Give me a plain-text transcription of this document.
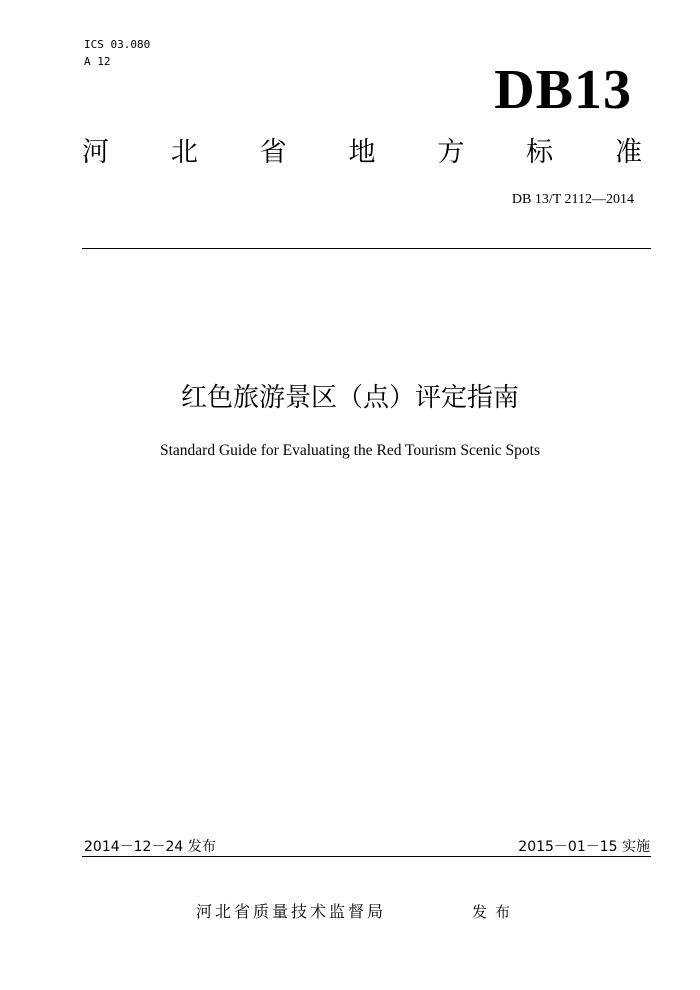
ICS 03.080
A 12	DB13
河 北 省 地 方 标 准
DB 13/T 2112—2014
红色旅游景区（点）评定指南
Standard Guide for Evaluating the Red Tourism Scenic Spots
2014－12－24 发布	2015－01－15 实施
河北省质量技术监督局	发布
